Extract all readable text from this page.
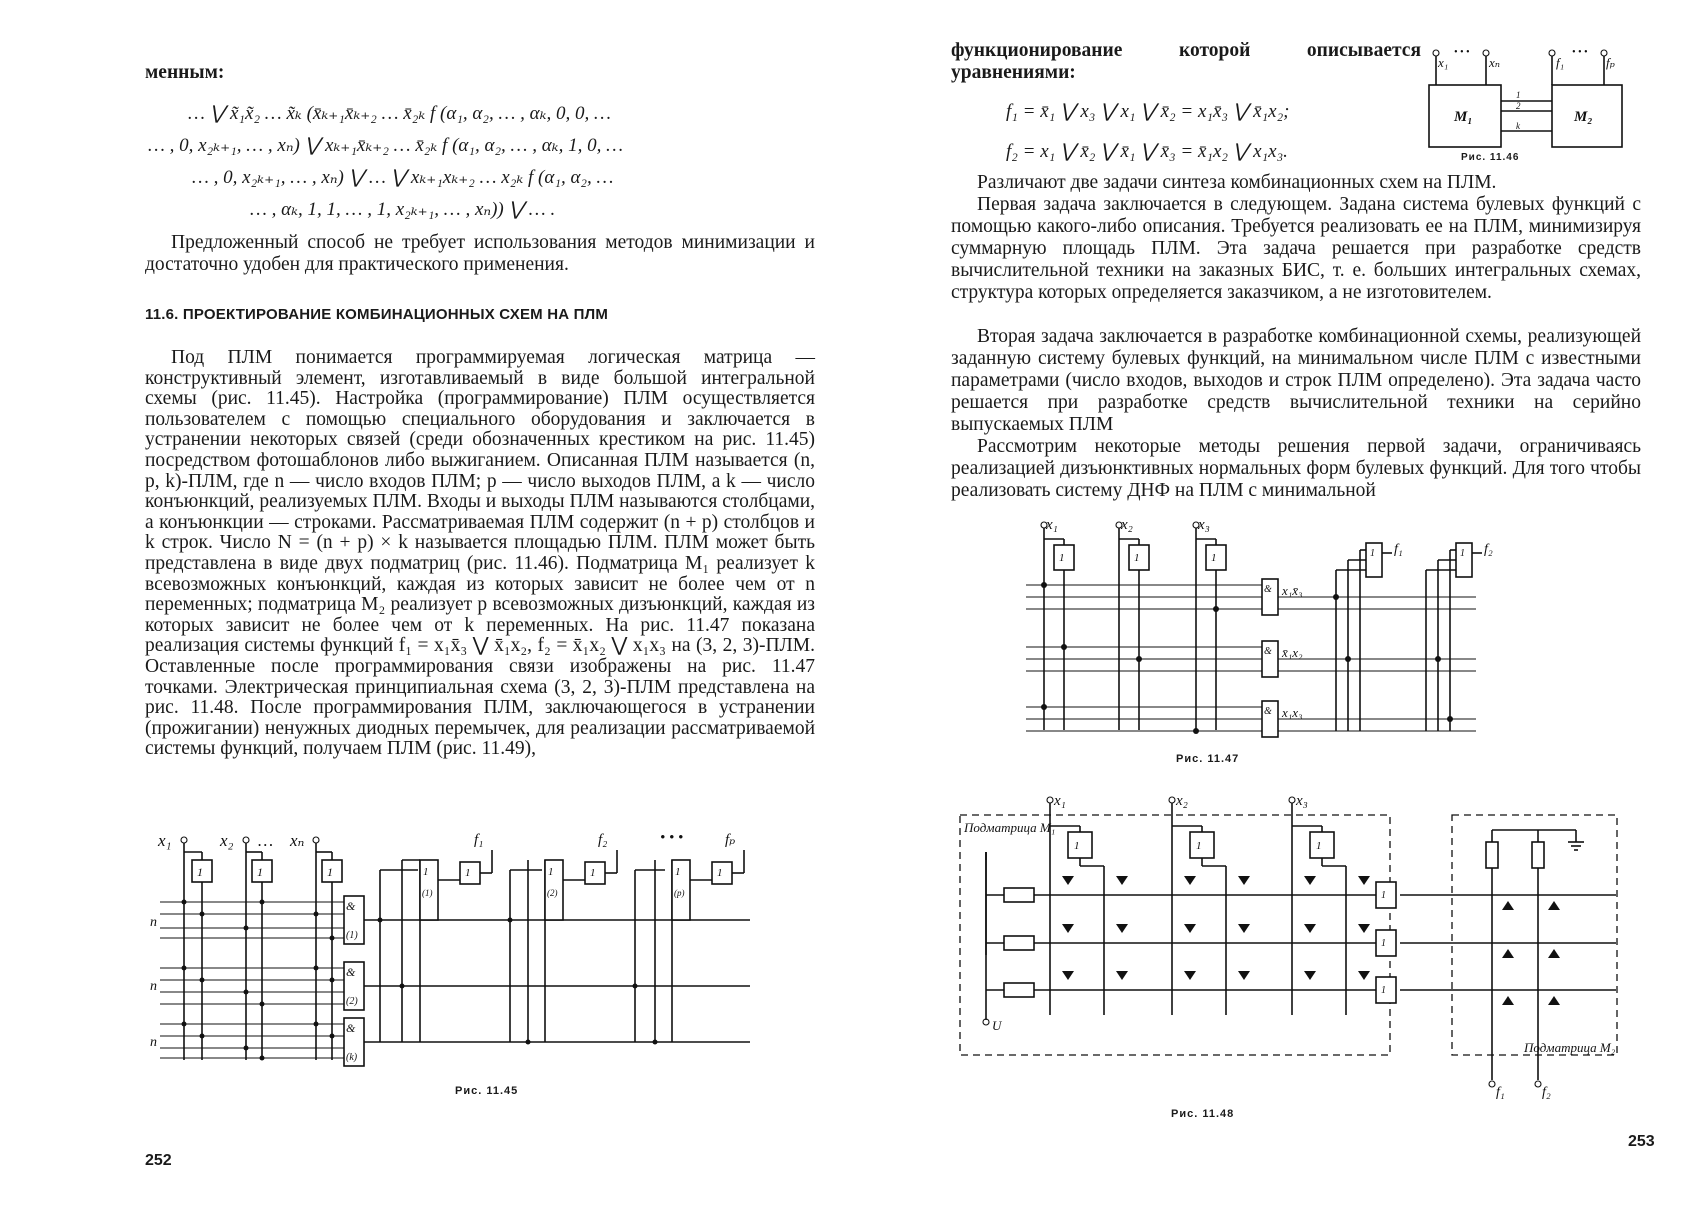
менным:
… ⋁ x̃₁x̃₂ … x̃ₖ (x̄ₖ₊₁x̄ₖ₊₂ … x̄₂ₖ f (α₁, α₂, … , αₖ, 0, 0, …
… , 0, x₂ₖ₊₁, … , xₙ) ⋁ xₖ₊₁x̄ₖ₊₂ … x̄₂ₖ f (α₁, α₂, … , αₖ, 1, 0, …
… , 0, x₂ₖ₊₁, … , xₙ) ⋁ … ⋁ xₖ₊₁xₖ₊₂ … x₂ₖ f (α₁, α₂, …
… , αₖ, 1, 1, … , 1, x₂ₖ₊₁, … , xₙ)) ⋁ … .
Предложенный способ не требует использования методов минимизации и достаточно удобен для практического применения.
11.6. ПРОЕКТИРОВАНИЕ КОМБИНАЦИОННЫХ СХЕМ НА ПЛМ
Под ПЛМ понимается программируемая логическая матрица — конструктивный элемент, изготавливаемый в виде большой интегральной схемы (рис. 11.45). Настройка (программирование) ПЛМ осуществляется пользователем с помощью специального оборудования и заключается в устранении некоторых связей (среди обозначенных крестиком на рис. 11.45) посредством фотошаблонов либо выжиганием. Описанная ПЛМ называется (n, p, k)-ПЛМ, где n — число входов ПЛМ; p — число выходов ПЛМ, а k — число конъюнкций, реализуемых ПЛМ. Входы и выходы ПЛМ называются столбцами, а конъюнкции — строками. Рассматриваемая ПЛМ содержит (n + p) столбцов и k строк. Число N = (n + p) × k называется площадью ПЛМ. ПЛМ может быть представлена в виде двух подматриц (рис. 11.46). Подматрица M₁ реализует k всевозможных конъюнкций, каждая из которых зависит не более чем от n переменных; подматрица M₂ реализует p всевозможных дизъюнкций, каждая из которых зависит не более чем от k переменных. На рис. 11.47 показана реализация системы функций f₁ = x₁x̄₃ ⋁ x̄₁x₂, f₂ = x̄₁x₂ ⋁ x₁x₃ на (3, 2, 3)-ПЛМ. Оставленные после программирования связи изображены на рис. 11.47 точками. Электрическая принципиальная схема (3, 2, 3)-ПЛМ представлена на рис. 11.48. После программирования ПЛМ, заключающегося в устранении (прожигании) ненужных диодных перемычек, для реализации рассматриваемой системы функций, получаем ПЛМ (рис. 11.49),
x₁	x₂ … xₙ
1	1	1
n
n
n
&
&
&
(1)
(2)
(k)
1	1	1
(1)	(2)	(p)
f₁	f₂	• • •	fₚ
1	1	1
Рис. 11.45
252
функционирование которой описывается уравнениями:
f₁ = x̄₁ ⋁ x₃ ⋁ x₁ ⋁ x̄₂ = x₁x̄₃ ⋁ x̄₁x₂;
f₂ = x₁ ⋁ x̄₂ ⋁ x̄₁ ⋁ x̄₃ = x̄₁x₂ ⋁ x₁x₃.
x₁
• • •
xₙ	f₁
• • •
fₚ
M₁	M₂
1
2
k
Рис. 11.46
Различают две задачи синтеза комбинационных схем на ПЛМ.
Первая задача заключается в следующем. Задана система булевых функций с помощью какого-либо описания. Требуется реализовать ее на ПЛМ, минимизируя суммарную площадь ПЛМ. Эта задача решается при разработке средств вычислительной техники на заказных БИС, т. е. больших интегральных схемах, структура которых определяется заказчиком, а не изготовителем.
Вторая задача заключается в разработке комбинационной схемы, реализующей заданную систему булевых функций, на минимальном числе ПЛМ с известными параметрами (число входов, выходов и строк ПЛМ определено). Эта задача часто решается при разработке средств вычислительной техники на серийно выпускаемых ПЛМ
Рассмотрим некоторые методы решения первой задачи, ограничиваясь реализацией дизъюнктивных нормальных форм булевых функций. Для того чтобы реализовать систему ДНФ на ПЛМ с минимальной
x₁	x₂	x₃
1	1	1
&
&
&
x₁x̄₃
x̄₁x₂
x₁x₃
1	1
f₁	f₂
Рис. 11.47
Подматрица M₁
Подматрица M₂
x₁	x₂	x₃
1	1	1
U
1
1
1
f₁	f₂
Рис. 11.48
253
